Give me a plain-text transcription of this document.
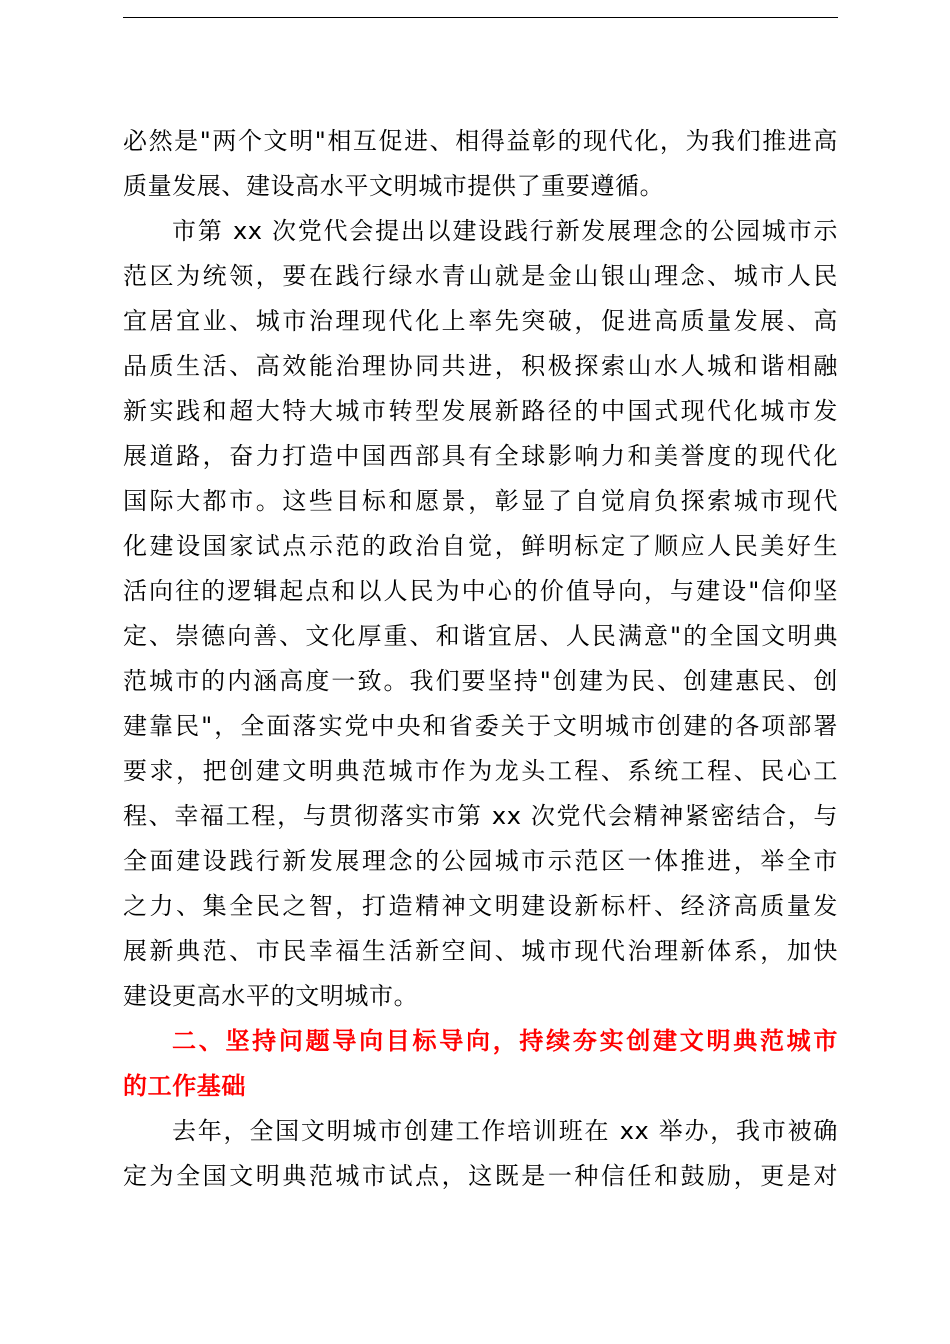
必然是"两个文明"相互促进、相得益彰的现代化，为我们推进高
质量发展、建设高水平文明城市提供了重要遵循。
市第 xx 次党代会提出以建设践行新发展理念的公园城市示
范区为统领，要在践行绿水青山就是金山银山理念、城市人民
宜居宜业、城市治理现代化上率先突破，促进高质量发展、高
品质生活、高效能治理协同共进，积极探索山水人城和谐相融
新实践和超大特大城市转型发展新路径的中国式现代化城市发
展道路，奋力打造中国西部具有全球影响力和美誉度的现代化
国际大都市。这些目标和愿景，彰显了自觉肩负探索城市现代
化建设国家试点示范的政治自觉，鲜明标定了顺应人民美好生
活向往的逻辑起点和以人民为中心的价值导向，与建设"信仰坚
定、崇德向善、文化厚重、和谐宜居、人民满意"的全国文明典
范城市的内涵高度一致。我们要坚持"创建为民、创建惠民、创
建靠民"，全面落实党中央和省委关于文明城市创建的各项部署
要求，把创建文明典范城市作为龙头工程、系统工程、民心工
程、幸福工程，与贯彻落实市第 xx 次党代会精神紧密结合，与
全面建设践行新发展理念的公园城市示范区一体推进，举全市
之力、集全民之智，打造精神文明建设新标杆、经济高质量发
展新典范、市民幸福生活新空间、城市现代治理新体系，加快
建设更高水平的文明城市。
二、坚持问题导向目标导向，持续夯实创建文明典范城市
的工作基础
去年，全国文明城市创建工作培训班在 xx 举办，我市被确
定为全国文明典范城市试点，这既是一种信任和鼓励，更是对
